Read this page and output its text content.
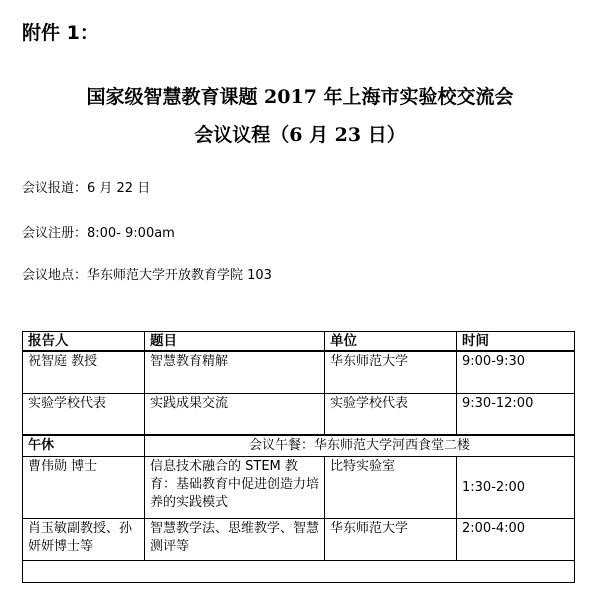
附件 1：
国家级智慧教育课题 2017 年上海市实验校交流会
会议议程（6 月 23 日）
会议报道：6 月 22 日
会议注册：8:00- 9:00am
会议地点：华东师范大学开放教育学院 103
报告人	题目	单位	时间
祝智庭 教授	智慧教育精解	华东师范大学	9:00-9:30
实验学校代表	实践成果交流	实验学校代表	9:30-12:00
午休	会议午餐：华东师范大学河西食堂二楼		
曹伟勋 博士	信息技术融合的 STEM 教育：基础教育中促进创造力培养的实践模式	比特实验室	1:30-2:00
肖玉敏副教授、孙妍妍博士等	智慧教学法、思维教学、智慧测评等	华东师范大学	2:00-4:00
